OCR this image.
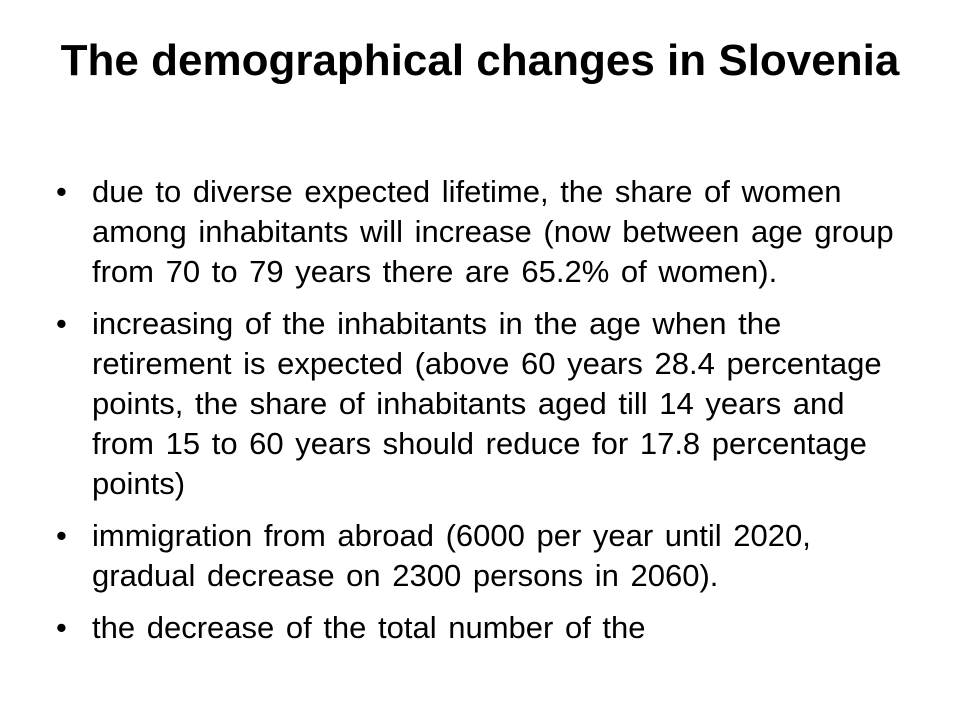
The demographical changes in Slovenia
• due to diverse expected lifetime, the share of women among inhabitants will increase (now between age group from 70 to 79 years there are 65.2% of women).
• increasing of the inhabitants in the age when the retirement is expected (above 60 years 28.4 percentage points, the share of inhabitants aged till 14 years and from 15 to 60 years should reduce for 17.8 percentage points)
• immigration from abroad (6000 per year until 2020, gradual decrease on 2300 persons in 2060).
• the decrease of the total number of the
